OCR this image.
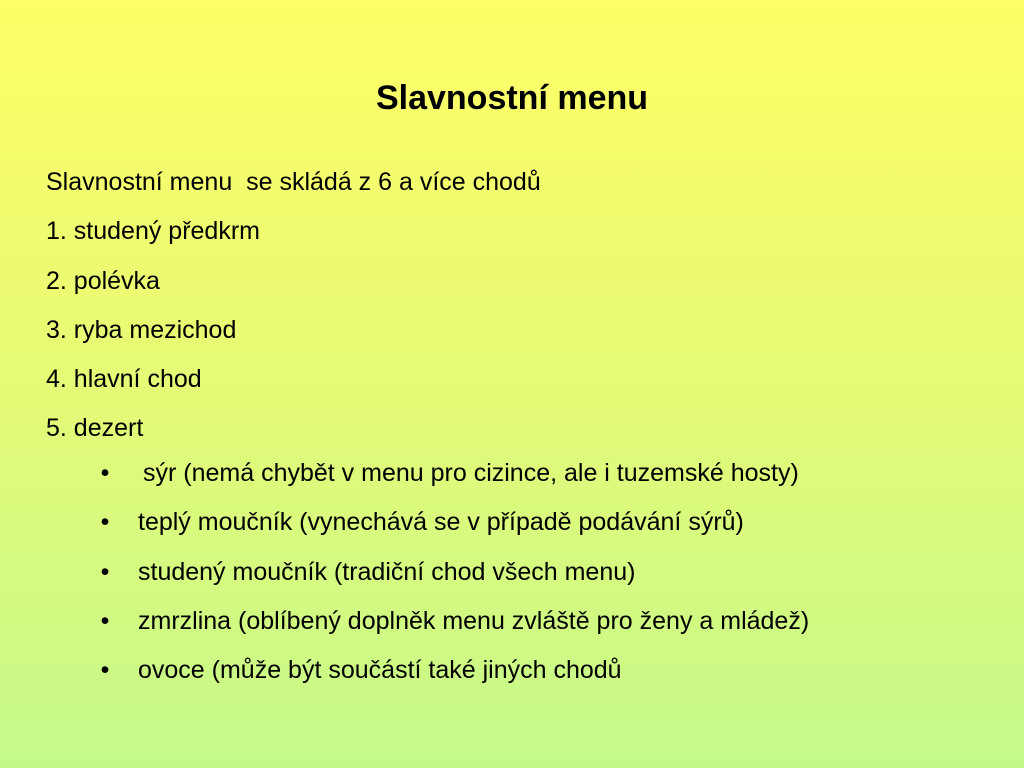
Slavnostní menu
Slavnostní menu  se skládá z 6 a více chodů
1. studený předkrm
2. polévka
3. ryba mezichod
4. hlavní chod
5. dezert
• sýr (nemá chybět v menu pro cizince, ale i tuzemské hosty)
• teplý moučník (vynechává se v případě podávání sýrů)
• studený moučník (tradiční chod všech menu)
• zmrzlina (oblíbený doplněk menu zvláště pro ženy a mládež)
• ovoce (může být součástí také jiných chodů
